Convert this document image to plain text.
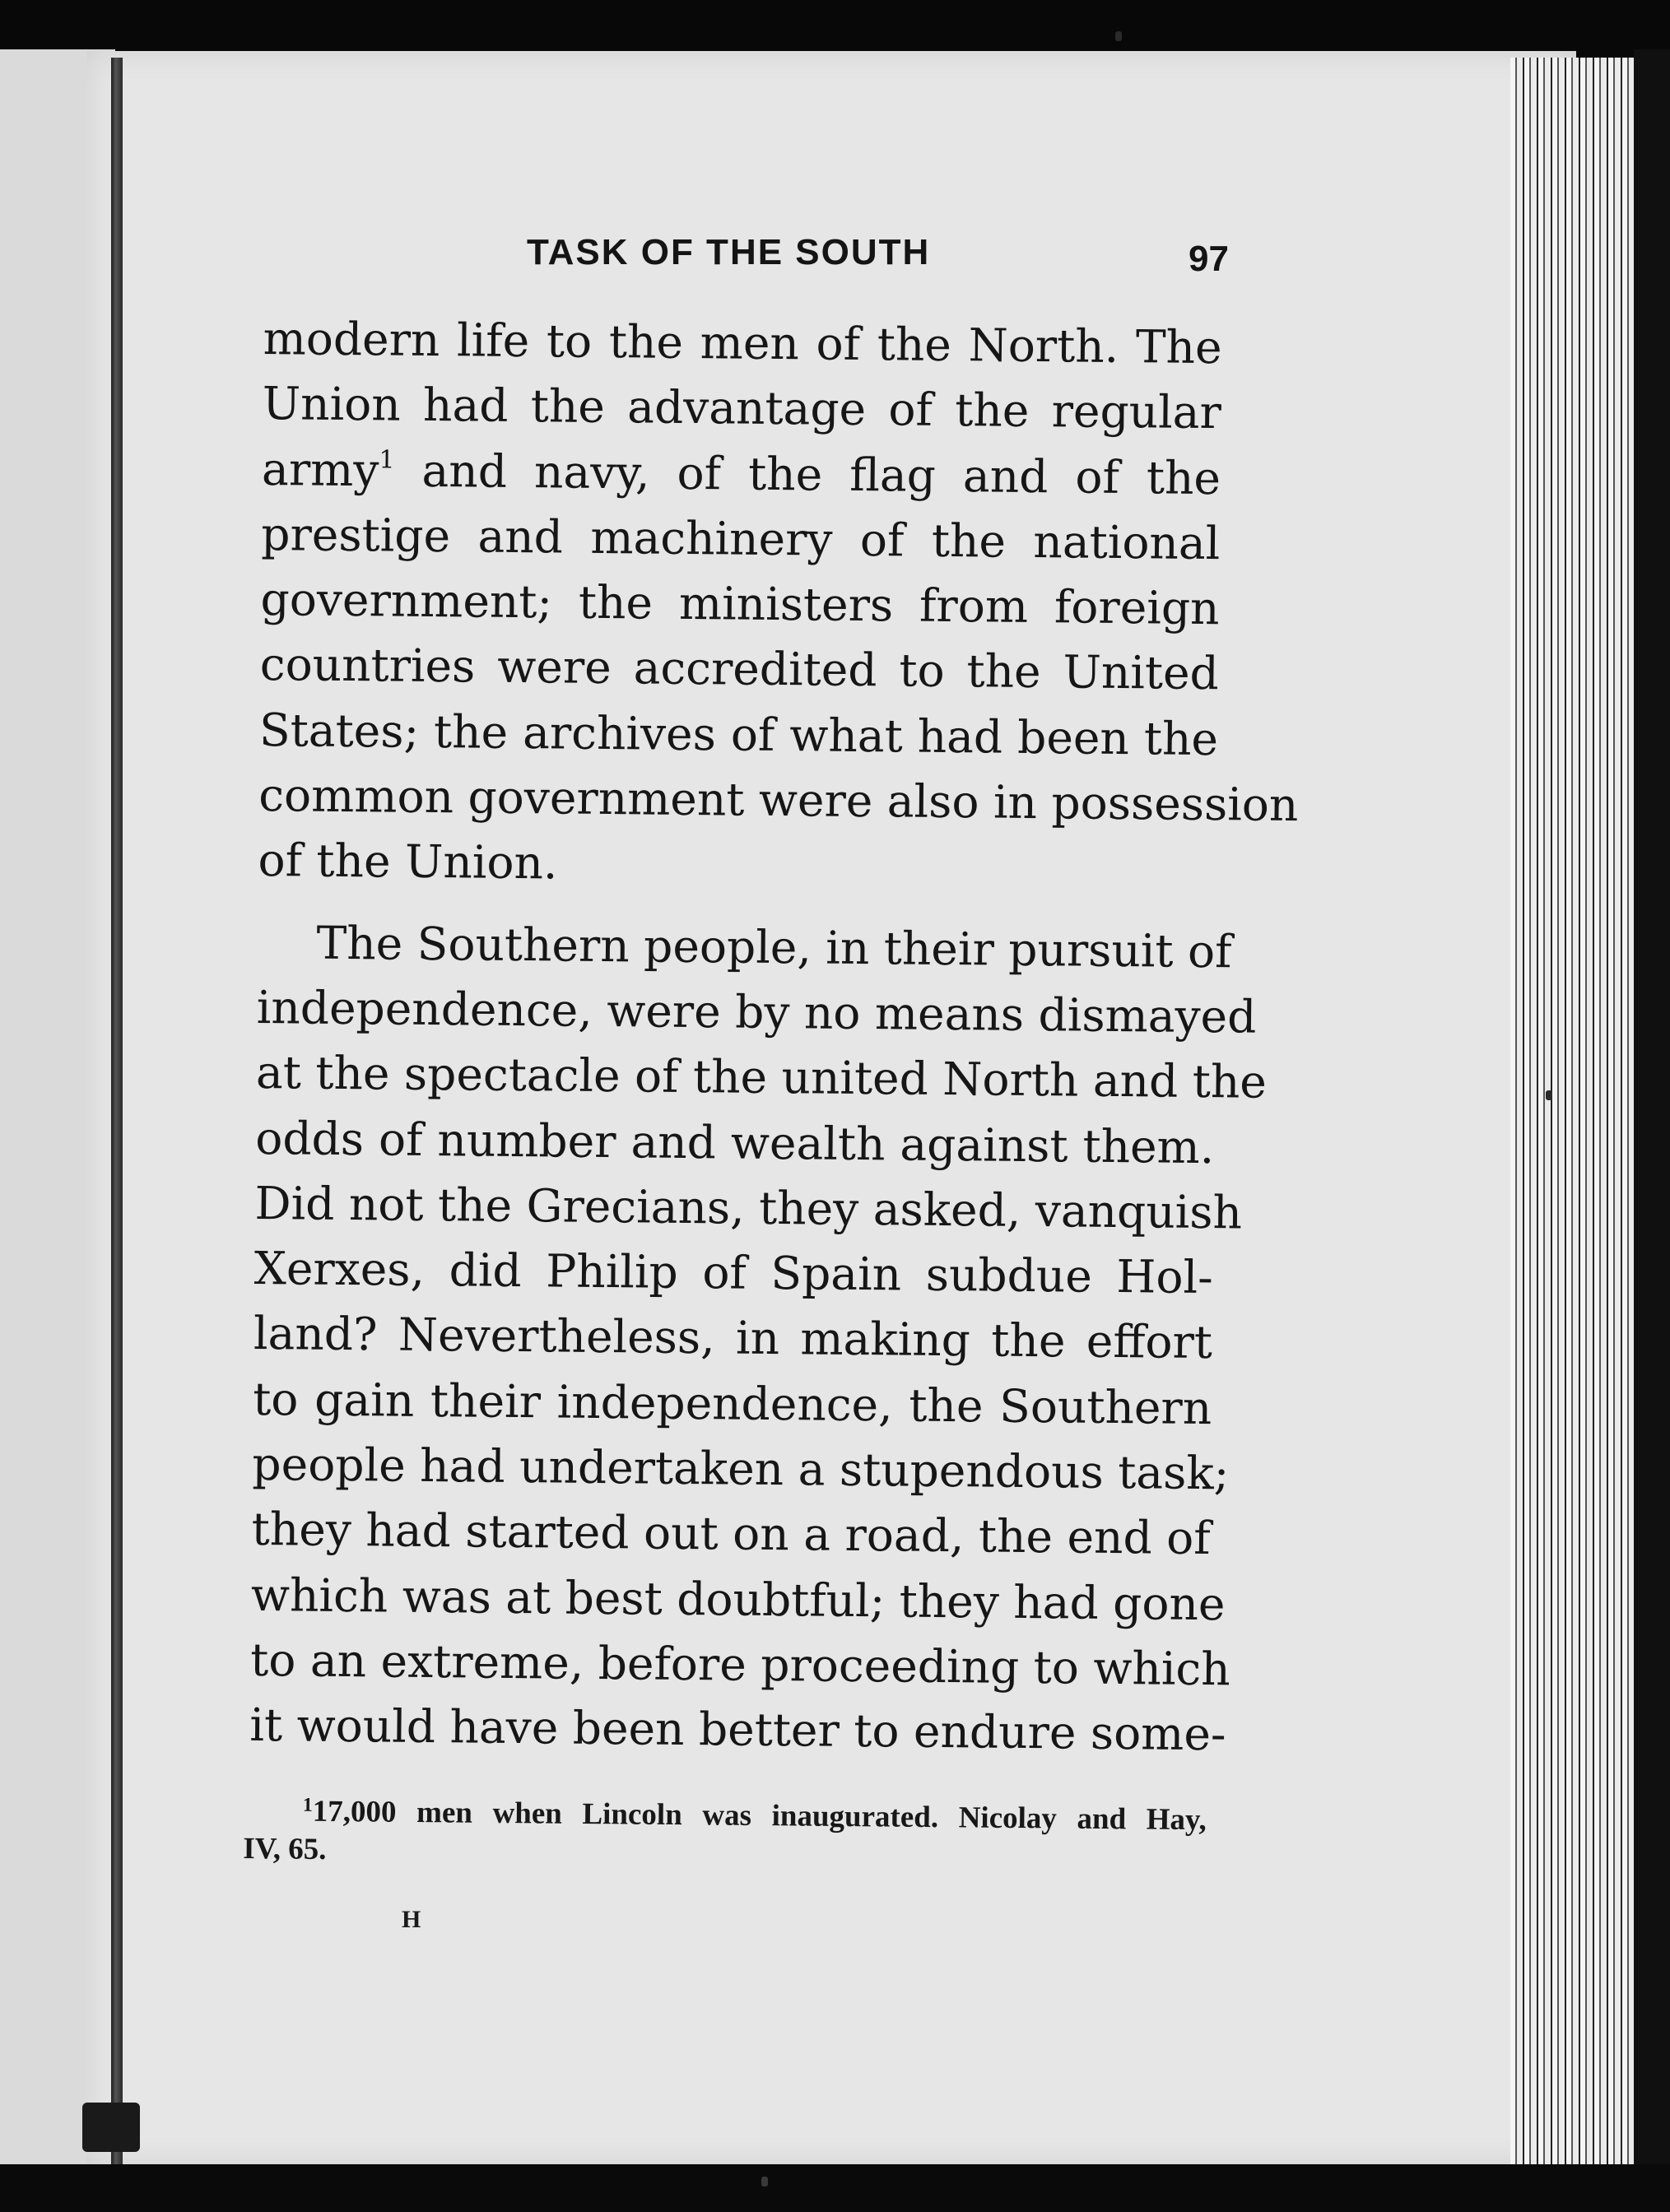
TASK OF THE SOUTH	97
modern life to the men of the North. The
Union had the advantage of the regular
army$^1$ and navy, of the flag and of the
prestige and machinery of the national
government; the ministers from foreign
countries were accredited to the United
States; the archives of what had been the
common government were also in possession
of the Union.
The Southern people, in their pursuit of
independence, were by no means dismayed
at the spectacle of the united North and the
odds of number and wealth against them.
Did not the Grecians, they asked, vanquish
Xerxes, did Philip of Spain subdue Hol-
land? Nevertheless, in making the effort
to gain their independence, the Southern
people had undertaken a stupendous task;
they had started out on a road, the end of
which was at best doubtful; they had gone
to an extreme, before proceeding to which
it would have been better to endure some-
$^1$17,000 men when Lincoln was inaugurated. Nicolay and Hay,
IV, 65.
H
